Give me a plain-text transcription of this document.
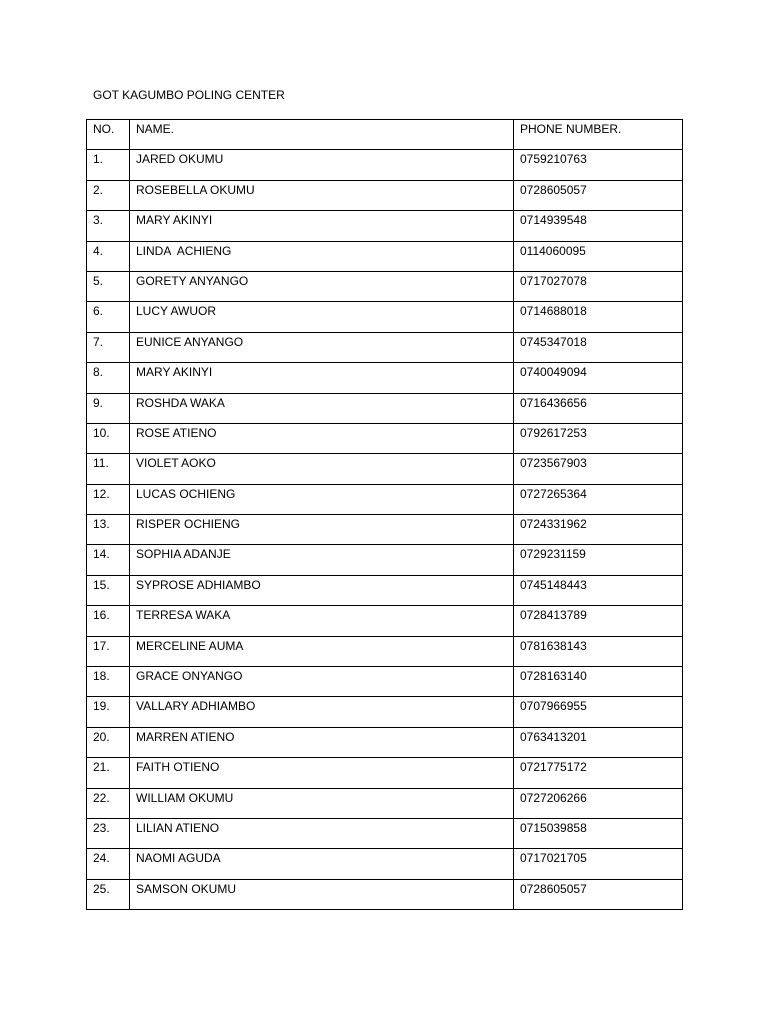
GOT KAGUMBO POLING CENTER
NO.	NAME.	PHONE NUMBER.

1.	JARED OKUMU	0759210763

2.	ROSEBELLA OKUMU	0728605057

3.	MARY AKINYI	0714939548

4.	LINDA  ACHIENG	0114060095

5.	GORETY ANYANGO	0717027078

6.	LUCY AWUOR	0714688018

7.	EUNICE ANYANGO	0745347018

8.	MARY AKINYI	0740049094

9.	ROSHDA WAKA	0716436656

10.	ROSE ATIENO	0792617253

11.	VIOLET AOKO	0723567903

12.	LUCAS OCHIENG	0727265364

13.	RISPER OCHIENG	0724331962

14.	SOPHIA ADANJE	0729231159

15.	SYPROSE ADHIAMBO	0745148443

16.	TERRESA WAKA	0728413789

17.	MERCELINE AUMA	0781638143

18.	GRACE ONYANGO	0728163140

19.	VALLARY ADHIAMBO	0707966955

20.	MARREN ATIENO	0763413201

21.	FAITH OTIENO	0721775172

22.	WILLIAM OKUMU	0727206266

23.	LILIAN ATIENO	0715039858

24.	NAOMI AGUDA	0717021705

25.	SAMSON OKUMU	0728605057
